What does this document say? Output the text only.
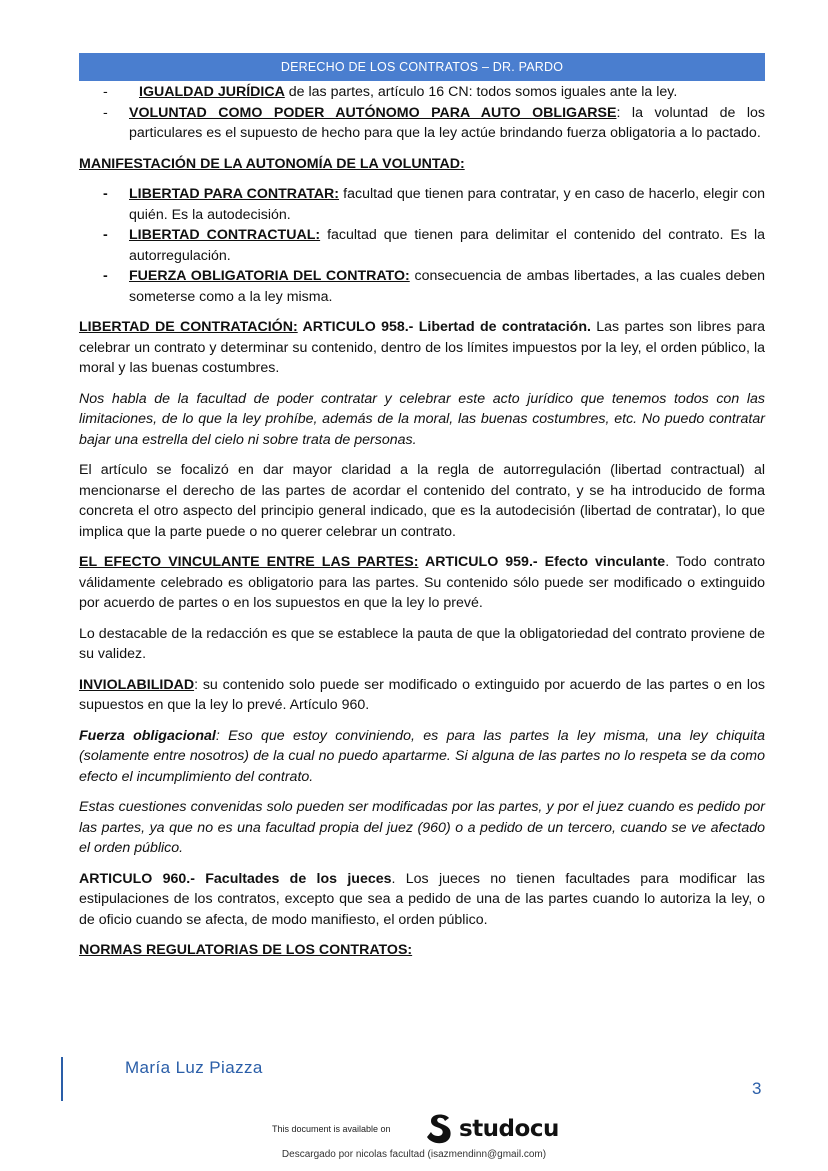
DERECHO DE LOS CONTRATOS – DR. PARDO
- IGUALDAD JURÍDICA de las partes, artículo 16 CN: todos somos iguales ante la ley.
- VOLUNTAD COMO PODER AUTÓNOMO PARA AUTO OBLIGARSE: la voluntad de los particulares es el supuesto de hecho para que la ley actúe brindando fuerza obligatoria a lo pactado.

MANIFESTACIÓN DE LA AUTONOMÍA DE LA VOLUNTAD:

- LIBERTAD PARA CONTRATAR: facultad que tienen para contratar, y en caso de hacerlo, elegir con quién. Es la autodecisión.
- LIBERTAD CONTRACTUAL: facultad que tienen para delimitar el contenido del contrato. Es la autorregulación.
- FUERZA OBLIGATORIA DEL CONTRATO: consecuencia de ambas libertades, a las cuales deben someterse como a la ley misma.

LIBERTAD DE CONTRATACIÓN: ARTICULO 958.- Libertad de contratación. Las partes son libres para celebrar un contrato y determinar su contenido, dentro de los límites impuestos por la ley, el orden público, la moral y las buenas costumbres.

Nos habla de la facultad de poder contratar y celebrar este acto jurídico que tenemos todos con las limitaciones, de lo que la ley prohíbe, además de la moral, las buenas costumbres, etc. No puedo contratar bajar una estrella del cielo ni sobre trata de personas.

El artículo se focalizó en dar mayor claridad a la regla de autorregulación (libertad contractual) al mencionarse el derecho de las partes de acordar el contenido del contrato, y se ha introducido de forma concreta el otro aspecto del principio general indicado, que es la autodecisión (libertad de contratar), lo que implica que la parte puede o no querer celebrar un contrato.

EL EFECTO VINCULANTE ENTRE LAS PARTES: ARTICULO 959.- Efecto vinculante. Todo contrato válidamente celebrado es obligatorio para las partes. Su contenido sólo puede ser modificado o extinguido por acuerdo de partes o en los supuestos en que la ley lo prevé.

Lo destacable de la redacción es que se establece la pauta de que la obligatoriedad del contrato proviene de su validez.

INVIOLABILIDAD: su contenido solo puede ser modificado o extinguido por acuerdo de las partes o en los supuestos en que la ley lo prevé. Artículo 960.

Fuerza obligacional: Eso que estoy conviniendo, es para las partes la ley misma, una ley chiquita (solamente entre nosotros) de la cual no puedo apartarme. Si alguna de las partes no lo respeta se da como efecto el incumplimiento del contrato.

Estas cuestiones convenidas solo pueden ser modificadas por las partes, y por el juez cuando es pedido por las partes, ya que no es una facultad propia del juez (960) o a pedido de un tercero, cuando se ve afectado el orden público.

ARTICULO 960.- Facultades de los jueces. Los jueces no tienen facultades para modificar las estipulaciones de los contratos, excepto que sea a pedido de una de las partes cuando lo autoriza la ley, o de oficio cuando se afecta, de modo manifiesto, el orden público.

NORMAS REGULATORIAS DE LOS CONTRATOS:

María Luz Piazza
3
This document is available on	studocu
Descargado por nicolas facultad (isazmendinn@gmail.com)
